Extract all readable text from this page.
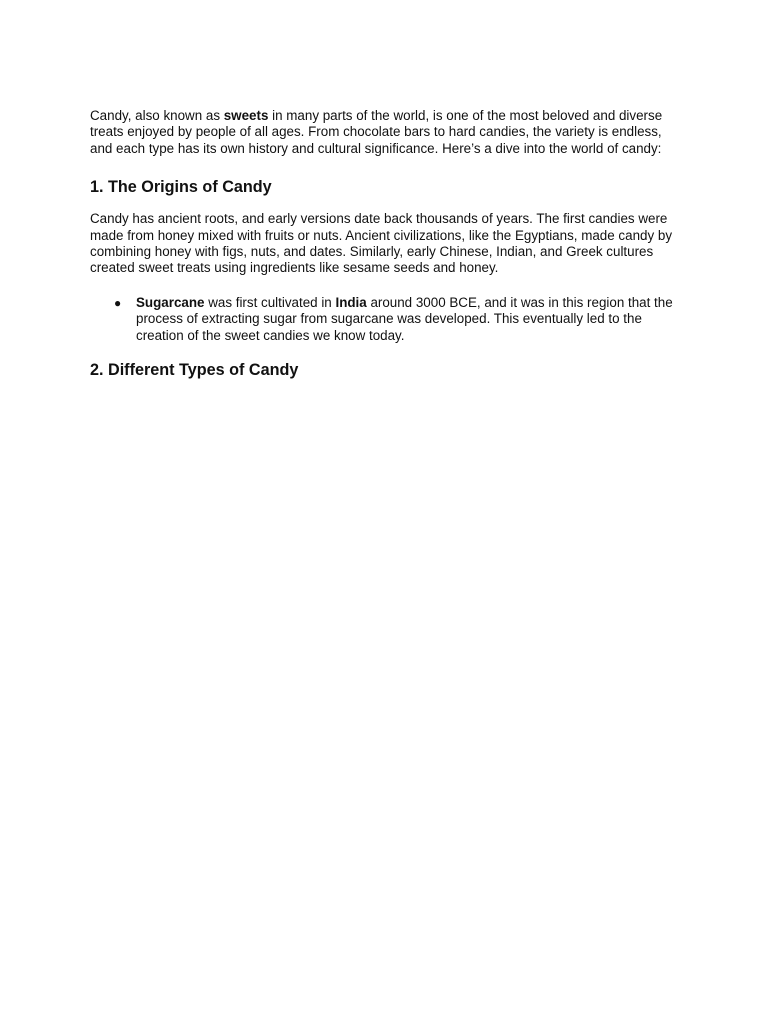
Candy, also known as sweets in many parts of the world, is one of the most beloved and diverse treats enjoyed by people of all ages. From chocolate bars to hard candies, the variety is endless, and each type has its own history and cultural significance. Here’s a dive into the world of candy:

1. The Origins of Candy

Candy has ancient roots, and early versions date back thousands of years. The first candies were made from honey mixed with fruits or nuts. Ancient civilizations, like the Egyptians, made candy by combining honey with figs, nuts, and dates. Similarly, early Chinese, Indian, and Greek cultures created sweet treats using ingredients like sesame seeds and honey.

● Sugarcane was first cultivated in India around 3000 BCE, and it was in this region that the process of extracting sugar from sugarcane was developed. This eventually led to the creation of the sweet candies we know today.
2. Different Types of Candy
